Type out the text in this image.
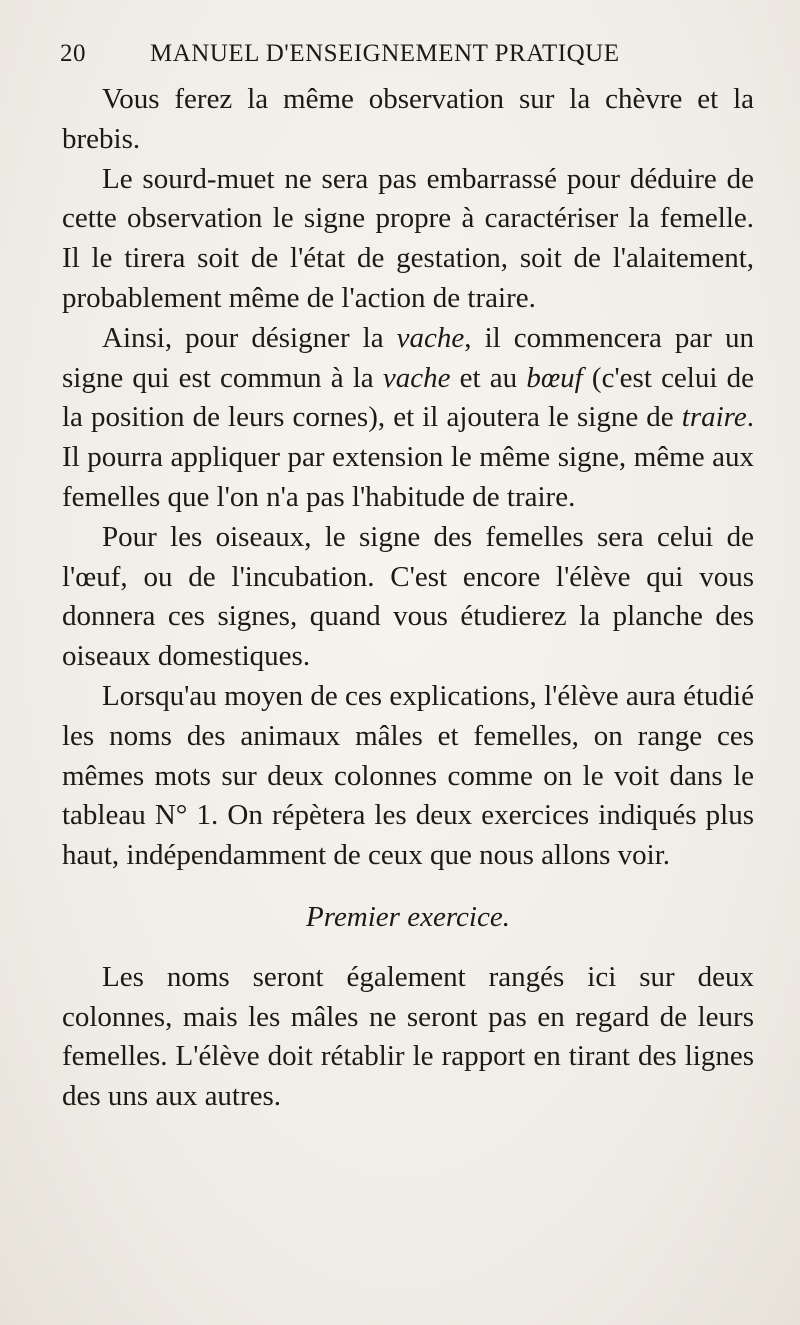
20	MANUEL D'ENSEIGNEMENT PRATIQUE

Vous ferez la même observation sur la chèvre et la brebis.

Le sourd-muet ne sera pas embarrassé pour déduire de cette observation le signe propre à caractériser la femelle. Il le tirera soit de l'état de gestation, soit de l'alaitement, probablement même de l'action de traire.

Ainsi, pour désigner la vache, il commencera par un signe qui est commun à la vache et au bœuf (c'est celui de la position de leurs cornes), et il ajoutera le signe de traire. Il pourra appliquer par extension le même signe, même aux femelles que l'on n'a pas l'habitude de traire.

Pour les oiseaux, le signe des femelles sera celui de l'œuf, ou de l'incubation. C'est encore l'élève qui vous donnera ces signes, quand vous étudierez la planche des oiseaux domestiques.

Lorsqu'au moyen de ces explications, l'élève aura étudié les noms des animaux mâles et femelles, on range ces mêmes mots sur deux colonnes comme on le voit dans le tableau N° 1. On répètera les deux exercices indiqués plus haut, indépendamment de ceux que nous allons voir.

Premier exercice.

Les noms seront également rangés ici sur deux colonnes, mais les mâles ne seront pas en regard de leurs femelles. L'élève doit rétablir le rapport en tirant des lignes des uns aux autres.
